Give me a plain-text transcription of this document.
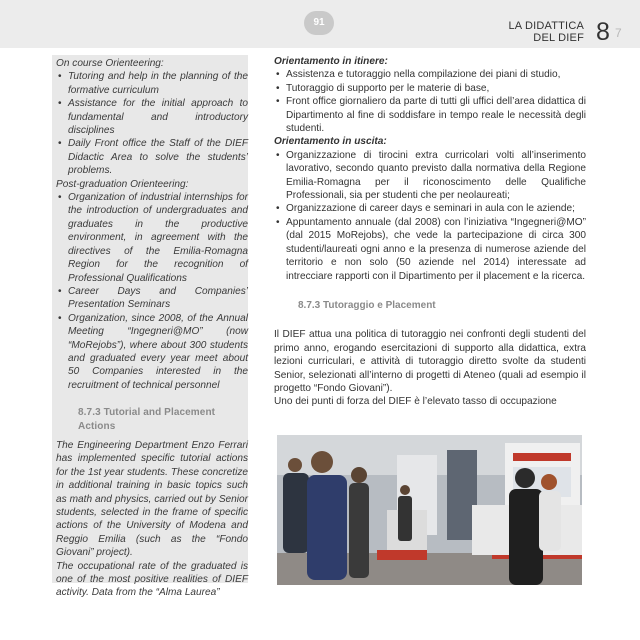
91	LA DIDATTICA
DEL DIEF 8 7

On course Orienteering:

• Tutoring and help in the planning of the formative curriculum
• Assistance for the initial approach to fundamental and introductory disciplines
• Daily Front office the Staff of the DIEF Didactic Area to solve the students’ problems.

Post-graduation Orienteering:

• Organization of industrial internships for the introduction of undergraduates and graduates in the productive environment, in agreement with the directives of the Emilia-Romagna Region for the recognition of Professional Qualifications
• Career Days and Companies’ Presentation Seminars
• Organization, since 2008, of the Annual Meeting “Ingegneri@MO” (now “MoRejobs”), where about 300 students and graduated every year meet about 50 Companies interested in the recruitment of technical personnel
8.7.3 Tutorial and Placement Actions

The Engineering Department Enzo Ferrari has implemented specific tutorial actions for the 1st year students. These concretize in additional training in basic topics such as math and physics, carried out by Senior students, selected in the frame of specific actions of the University of Modena and Reggio Emilia (such as the “Fondo Giovani” project).

The occupational rate of the graduated is one of the most positive realities of DIEF activity. Data from the “Alma Laurea”

Orientamento in itinere:

• Assistenza e tutoraggio nella compilazione dei piani di studio,
• Tutoraggio di supporto per le materie di base,
• Front office giornaliero da parte di tutti gli uffici dell’area didattica di Dipartimento al fine di soddisfare in tempo reale le necessità degli studenti.

Orientamento in uscita:

• Organizzazione di tirocini extra curricolari volti all’inserimento lavorativo, secondo quanto previsto dalla normativa della Regione Emilia-Romagna per il riconoscimento delle Qualifiche Professionali, sia per studenti che per neolaureati;
• Organizzazione di career days e seminari in aula con le aziende;
• Appuntamento annuale (dal 2008) con l’iniziativa “Ingegneri@MO” (dal 2015 MoRejobs), che vede la partecipazione di circa 300 studenti/laureati ogni anno e la presenza di numerose aziende del territorio e non solo (50 aziende nel 2014) interessate ad intrecciare rapporti con il Dipartimento per il placement e la ricerca.
8.7.3 Tutoraggio e Placement

Il DIEF attua una politica di tutoraggio nei confronti degli studenti del primo anno, erogando esercitazioni di supporto alla didattica, extra lezioni curriculari, e attività di tutoraggio diretto svolte da studenti Senior, selezionati all’interno di progetti di Ateneo (quali ad esempio il progetto “Fondo Giovani”).

Uno dei punti di forza del DIEF è l’elevato tasso di occupazione
